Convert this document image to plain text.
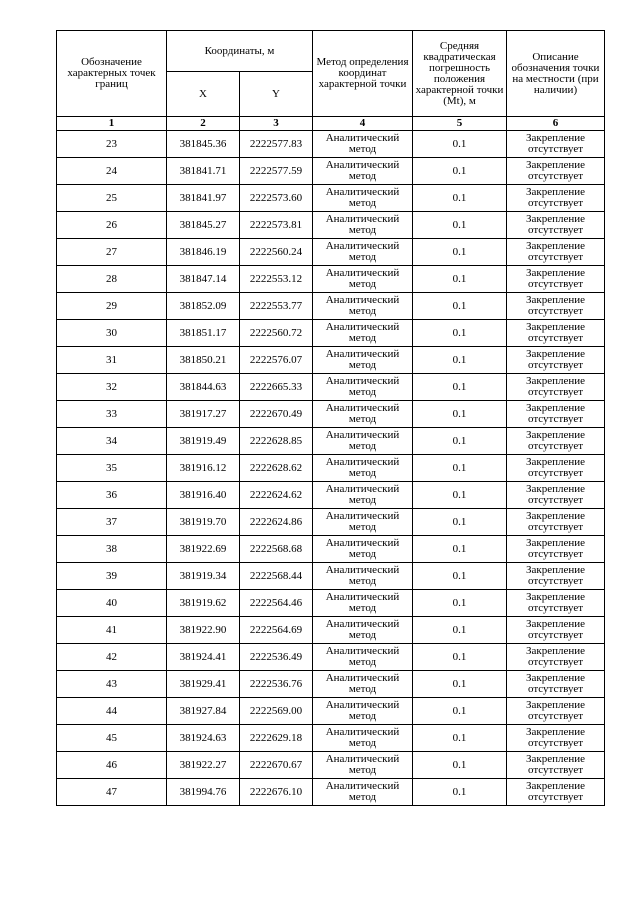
Обозначение характерных точек границ	Координаты, м		Метод определения координат характерной точки	Средняя квадратическая погрешность положения характерной точки (Mt), м	Описание обозначения точки на местности (при наличии)
	X	Y			
1	2	3	4	5	6
23	381845.36	2222577.83	Аналитический метод	0.1	Закрепление отсутствует
24	381841.71	2222577.59	Аналитический метод	0.1	Закрепление отсутствует
25	381841.97	2222573.60	Аналитический метод	0.1	Закрепление отсутствует
26	381845.27	2222573.81	Аналитический метод	0.1	Закрепление отсутствует
27	381846.19	2222560.24	Аналитический метод	0.1	Закрепление отсутствует
28	381847.14	2222553.12	Аналитический метод	0.1	Закрепление отсутствует
29	381852.09	2222553.77	Аналитический метод	0.1	Закрепление отсутствует
30	381851.17	2222560.72	Аналитический метод	0.1	Закрепление отсутствует
31	381850.21	2222576.07	Аналитический метод	0.1	Закрепление отсутствует
32	381844.63	2222665.33	Аналитический метод	0.1	Закрепление отсутствует
33	381917.27	2222670.49	Аналитический метод	0.1	Закрепление отсутствует
34	381919.49	2222628.85	Аналитический метод	0.1	Закрепление отсутствует
35	381916.12	2222628.62	Аналитический метод	0.1	Закрепление отсутствует
36	381916.40	2222624.62	Аналитический метод	0.1	Закрепление отсутствует
37	381919.70	2222624.86	Аналитический метод	0.1	Закрепление отсутствует
38	381922.69	2222568.68	Аналитический метод	0.1	Закрепление отсутствует
39	381919.34	2222568.44	Аналитический метод	0.1	Закрепление отсутствует
40	381919.62	2222564.46	Аналитический метод	0.1	Закрепление отсутствует
41	381922.90	2222564.69	Аналитический метод	0.1	Закрепление отсутствует
42	381924.41	2222536.49	Аналитический метод	0.1	Закрепление отсутствует
43	381929.41	2222536.76	Аналитический метод	0.1	Закрепление отсутствует
44	381927.84	2222569.00	Аналитический метод	0.1	Закрепление отсутствует
45	381924.63	2222629.18	Аналитический метод	0.1	Закрепление отсутствует
46	381922.27	2222670.67	Аналитический метод	0.1	Закрепление отсутствует
47	381994.76	2222676.10	Аналитический метод	0.1	Закрепление отсутствует
